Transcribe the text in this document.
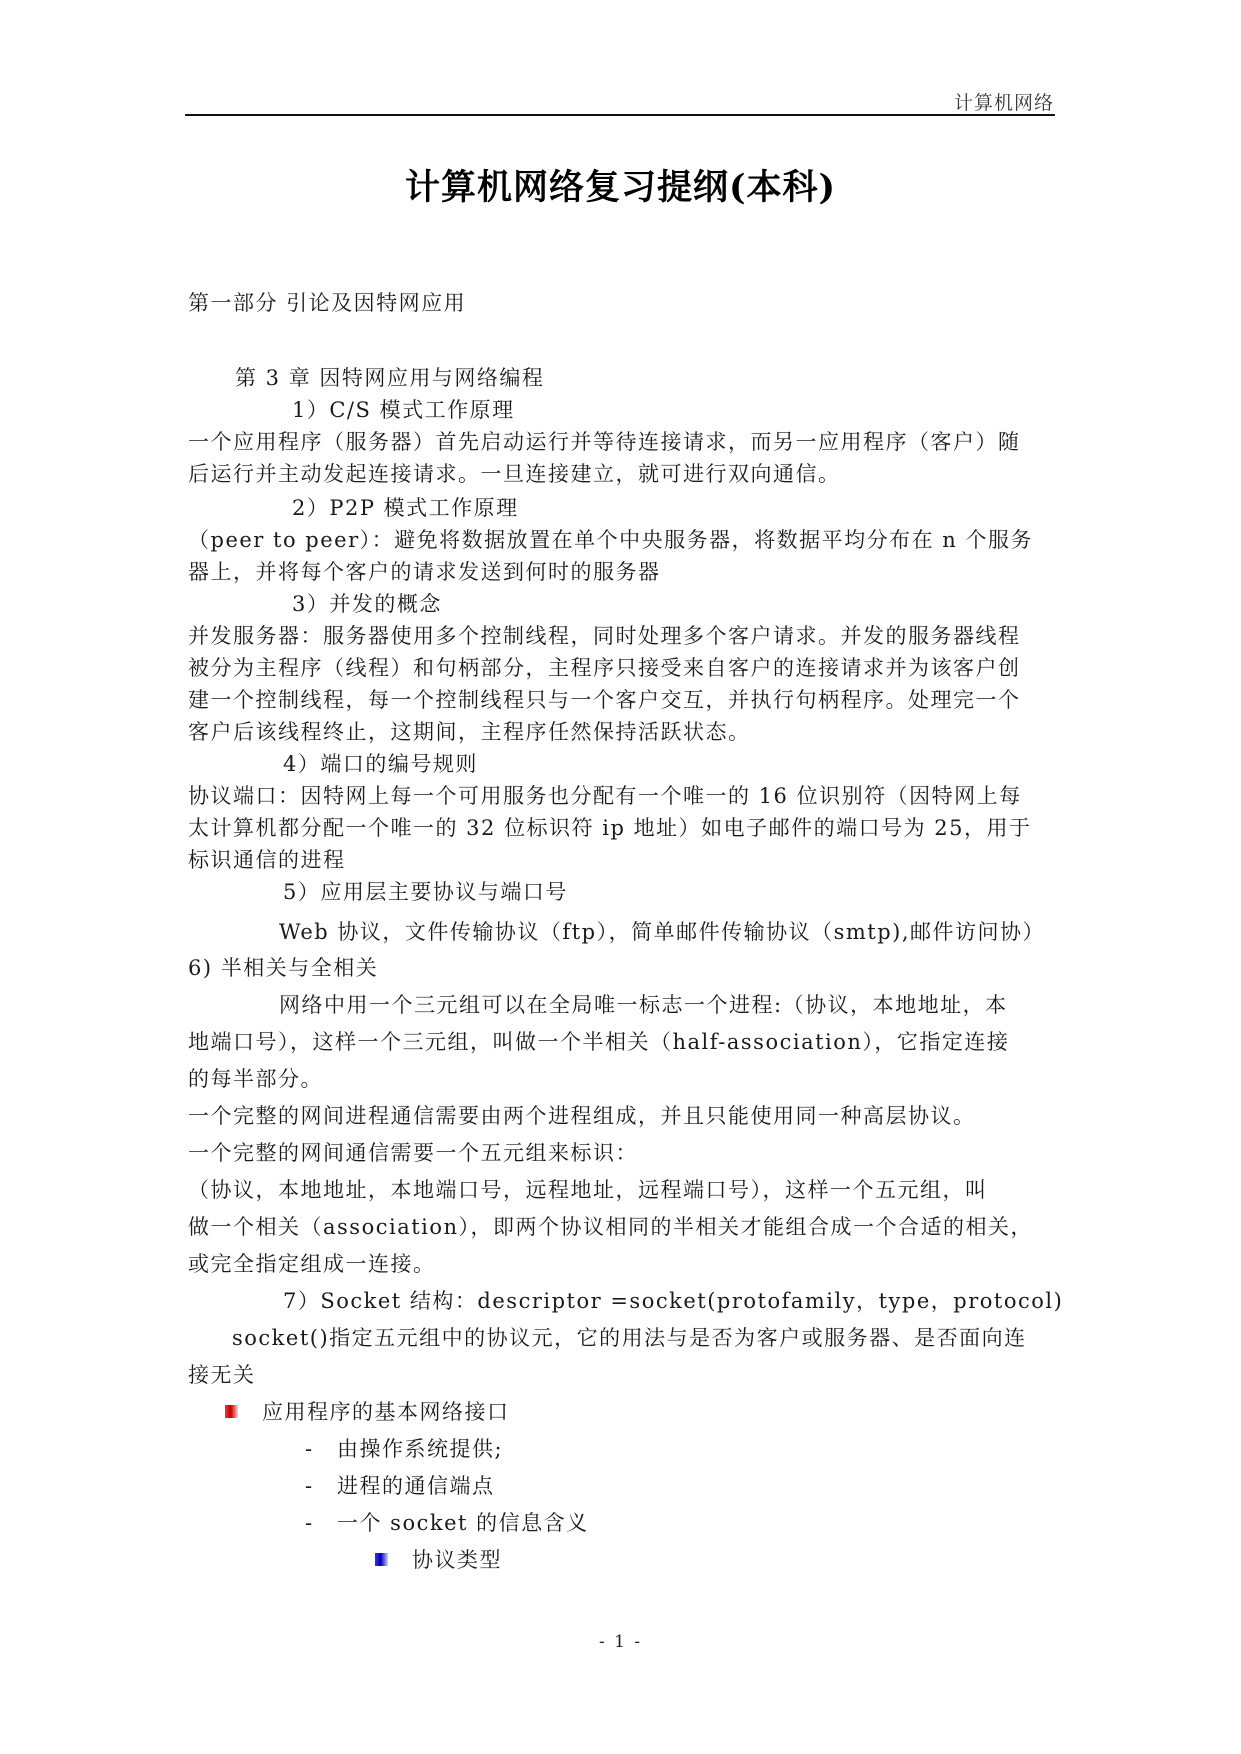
计算机网络
计算机网络复习提纲(本科)
第一部分 引论及因特网应用
第 3 章 因特网应用与网络编程
1）C/S 模式工作原理
一个应用程序（服务器）首先启动运行并等待连接请求，而另一应用程序（客户）随
后运行并主动发起连接请求。一旦连接建立，就可进行双向通信。
2）P2P 模式工作原理
（peer to peer）：避免将数据放置在单个中央服务器，将数据平均分布在 n 个服务
器上，并将每个客户的请求发送到何时的服务器
3）并发的概念
并发服务器：服务器使用多个控制线程，同时处理多个客户请求。并发的服务器线程
被分为主程序（线程）和句柄部分，主程序只接受来自客户的连接请求并为该客户创
建一个控制线程，每一个控制线程只与一个客户交互，并执行句柄程序。处理完一个
客户后该线程终止，这期间，主程序任然保持活跃状态。
4）端口的编号规则
协议端口：因特网上每一个可用服务也分配有一个唯一的 16 位识别符（因特网上每
太计算机都分配一个唯一的 32 位标识符 ip 地址）如电子邮件的端口号为 25，用于
标识通信的进程
5）应用层主要协议与端口号
Web 协议，文件传输协议（ftp），简单邮件传输协议（smtp),邮件访问协）
6) 半相关与全相关
网络中用一个三元组可以在全局唯一标志一个进程:（协议，本地地址，本
地端口号），这样一个三元组，叫做一个半相关（half-association），它指定连接
的每半部分。
一个完整的网间进程通信需要由两个进程组成，并且只能使用同一种高层协议。
一个完整的网间通信需要一个五元组来标识：
（协议，本地地址，本地端口号，远程地址，远程端口号），这样一个五元组，叫
做一个相关（association），即两个协议相同的半相关才能组合成一个合适的相关，
或完全指定组成一连接。
7）Socket 结构：descriptor =socket(protofamily，type，protocol)
socket()指定五元组中的协议元，它的用法与是否为客户或服务器、是否面向连
接无关
应用程序的基本网络接口
- 由操作系统提供;
- 进程的通信端点
- 一个 socket 的信息含义
协议类型
- 1 -
